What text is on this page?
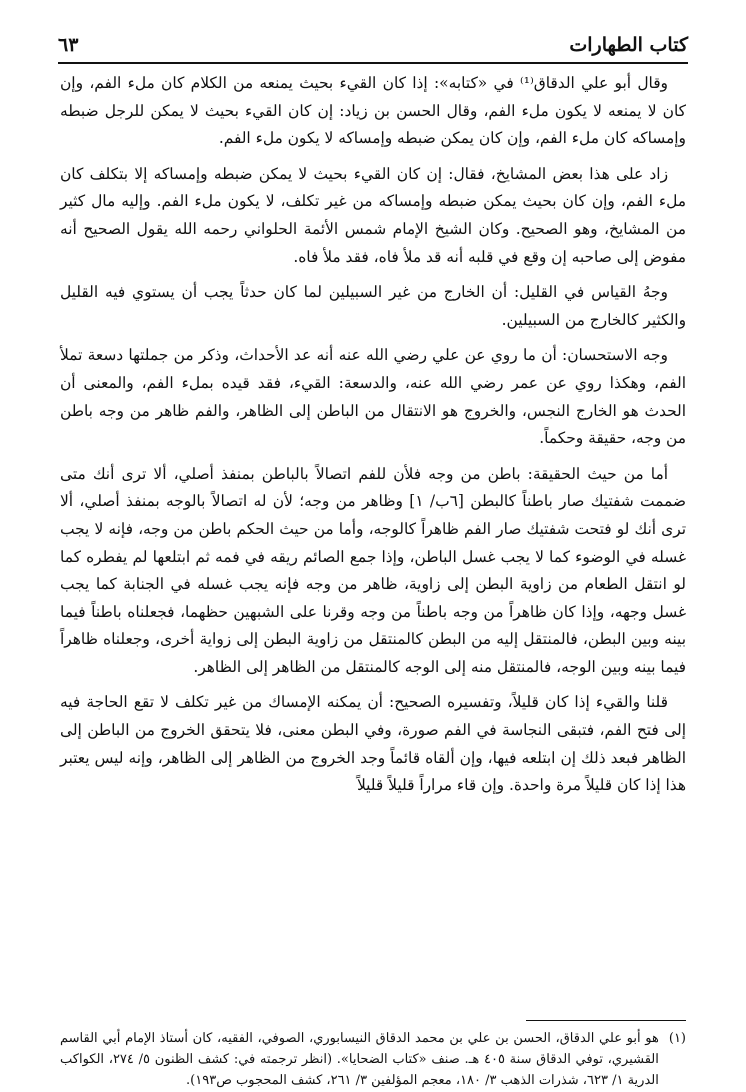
كتاب الطهارات
٦٣

وقال أبو علي الدقاق⁽¹⁾ في «كتابه»: إذا كان القيء بحيث يمنعه من الكلام كان ملء الفم، وإن كان لا يمنعه لا يكون ملء الفم، وقال الحسن بن زياد: إن كان القيء بحيث لا يمكن للرجل ضبطه وإمساكه كان ملء الفم، وإن كان يمكن ضبطه وإمساكه لا يكون ملء الفم.

زاد على هذا بعض المشايخ، فقال: إن كان القيء بحيث لا يمكن ضبطه وإمساكه إلا بتكلف كان ملء الفم، وإن كان بحيث يمكن ضبطه وإمساكه من غير تكلف، لا يكون ملء الفم. وإليه مال كثير من المشايخ، وهو الصحيح. وكان الشيخ الإمام شمس الأئمة الحلواني رحمه الله يقول الصحيح أنه مفوض إلى صاحبه إن وقع في قلبه أنه قد ملأ فاه، فقد ملأ فاه.

وجهُ القياس في القليل: أن الخارج من غير السبيلين لما كان حدثاً يجب أن يستوي فيه القليل والكثير كالخارج من السبيلين.

وجه الاستحسان: أن ما روي عن علي رضي الله عنه أنه عد الأحداث، وذكر من جملتها دسعة تملأ الفم، وهكذا روي عن عمر رضي الله عنه، والدسعة: القيء، فقد قيده بملء الفم، والمعنى أن الحدث هو الخارج النجس، والخروج هو الانتقال من الباطن إلى الظاهر، والفم ظاهر من وجه باطن من وجه، حقيقة وحكماً.

أما من حيث الحقيقة: باطن من وجه فلأن للفم اتصالاً بالباطن بمنفذ أصلي، ألا ترى أنك متى ضممت شفتيك صار باطناً كالبطن [٦ب/ ١] وظاهر من وجه؛ لأن له اتصالاً بالوجه بمنفذ أصلي، ألا ترى أنك لو فتحت شفتيك صار الفم ظاهراً كالوجه، وأما من حيث الحكم باطن من وجه، فإنه لا يجب غسله في الوضوء كما لا يجب غسل الباطن، وإذا جمع الصائم ريقه في فمه ثم ابتلعها لم يفطره كما لو انتقل الطعام من زاوية البطن إلى زاوية، ظاهر من وجه فإنه يجب غسله في الجنابة كما يجب غسل وجهه، وإذا كان ظاهراً من وجه باطناً من وجه وقرنا على الشبهين حظهما، فجعلناه باطناً فيما بينه وبين البطن، فالمنتقل إليه من البطن كالمنتقل من زاوية البطن إلى زواية أخرى، وجعلناه ظاهراً فيما بينه وبين الوجه، فالمنتقل منه إلى الوجه كالمنتقل من الظاهر إلى الظاهر.

قلنا والقيء إذا كان قليلاً، وتفسيره الصحيح: أن يمكنه الإمساك من غير تكلف لا تقع الحاجة فيه إلى فتح الفم، فتبقى النجاسة في الفم صورة، وفي البطن معنى، فلا يتحقق الخروج من الباطن إلى الظاهر فبعد ذلك إن ابتلعه فيها، وإن ألقاه قائماً وجد الخروج من الظاهر إلى الظاهر، وإنه ليس يعتبر هذا إذا كان قليلاً مرة واحدة. وإن قاء مراراً قليلاً قليلاً

(١)
هو أبو علي الدقاق، الحسن بن علي بن محمد الدقاق النيسابوري، الصوفي، الفقيه، كان أستاذ الإمام أبي القاسم القشيري، توفي الدقاق سنة ٤٠٥ هـ. صنف «كتاب الضحايا». (انظر ترجمته في: كشف الظنون ٥/ ٢٧٤، الكواكب الدرية ١/ ٦٢٣، شذرات الذهب ٣/ ١٨٠، معجم المؤلفين ٣/ ٢٦١، كشف المحجوب ص١٩٣).
